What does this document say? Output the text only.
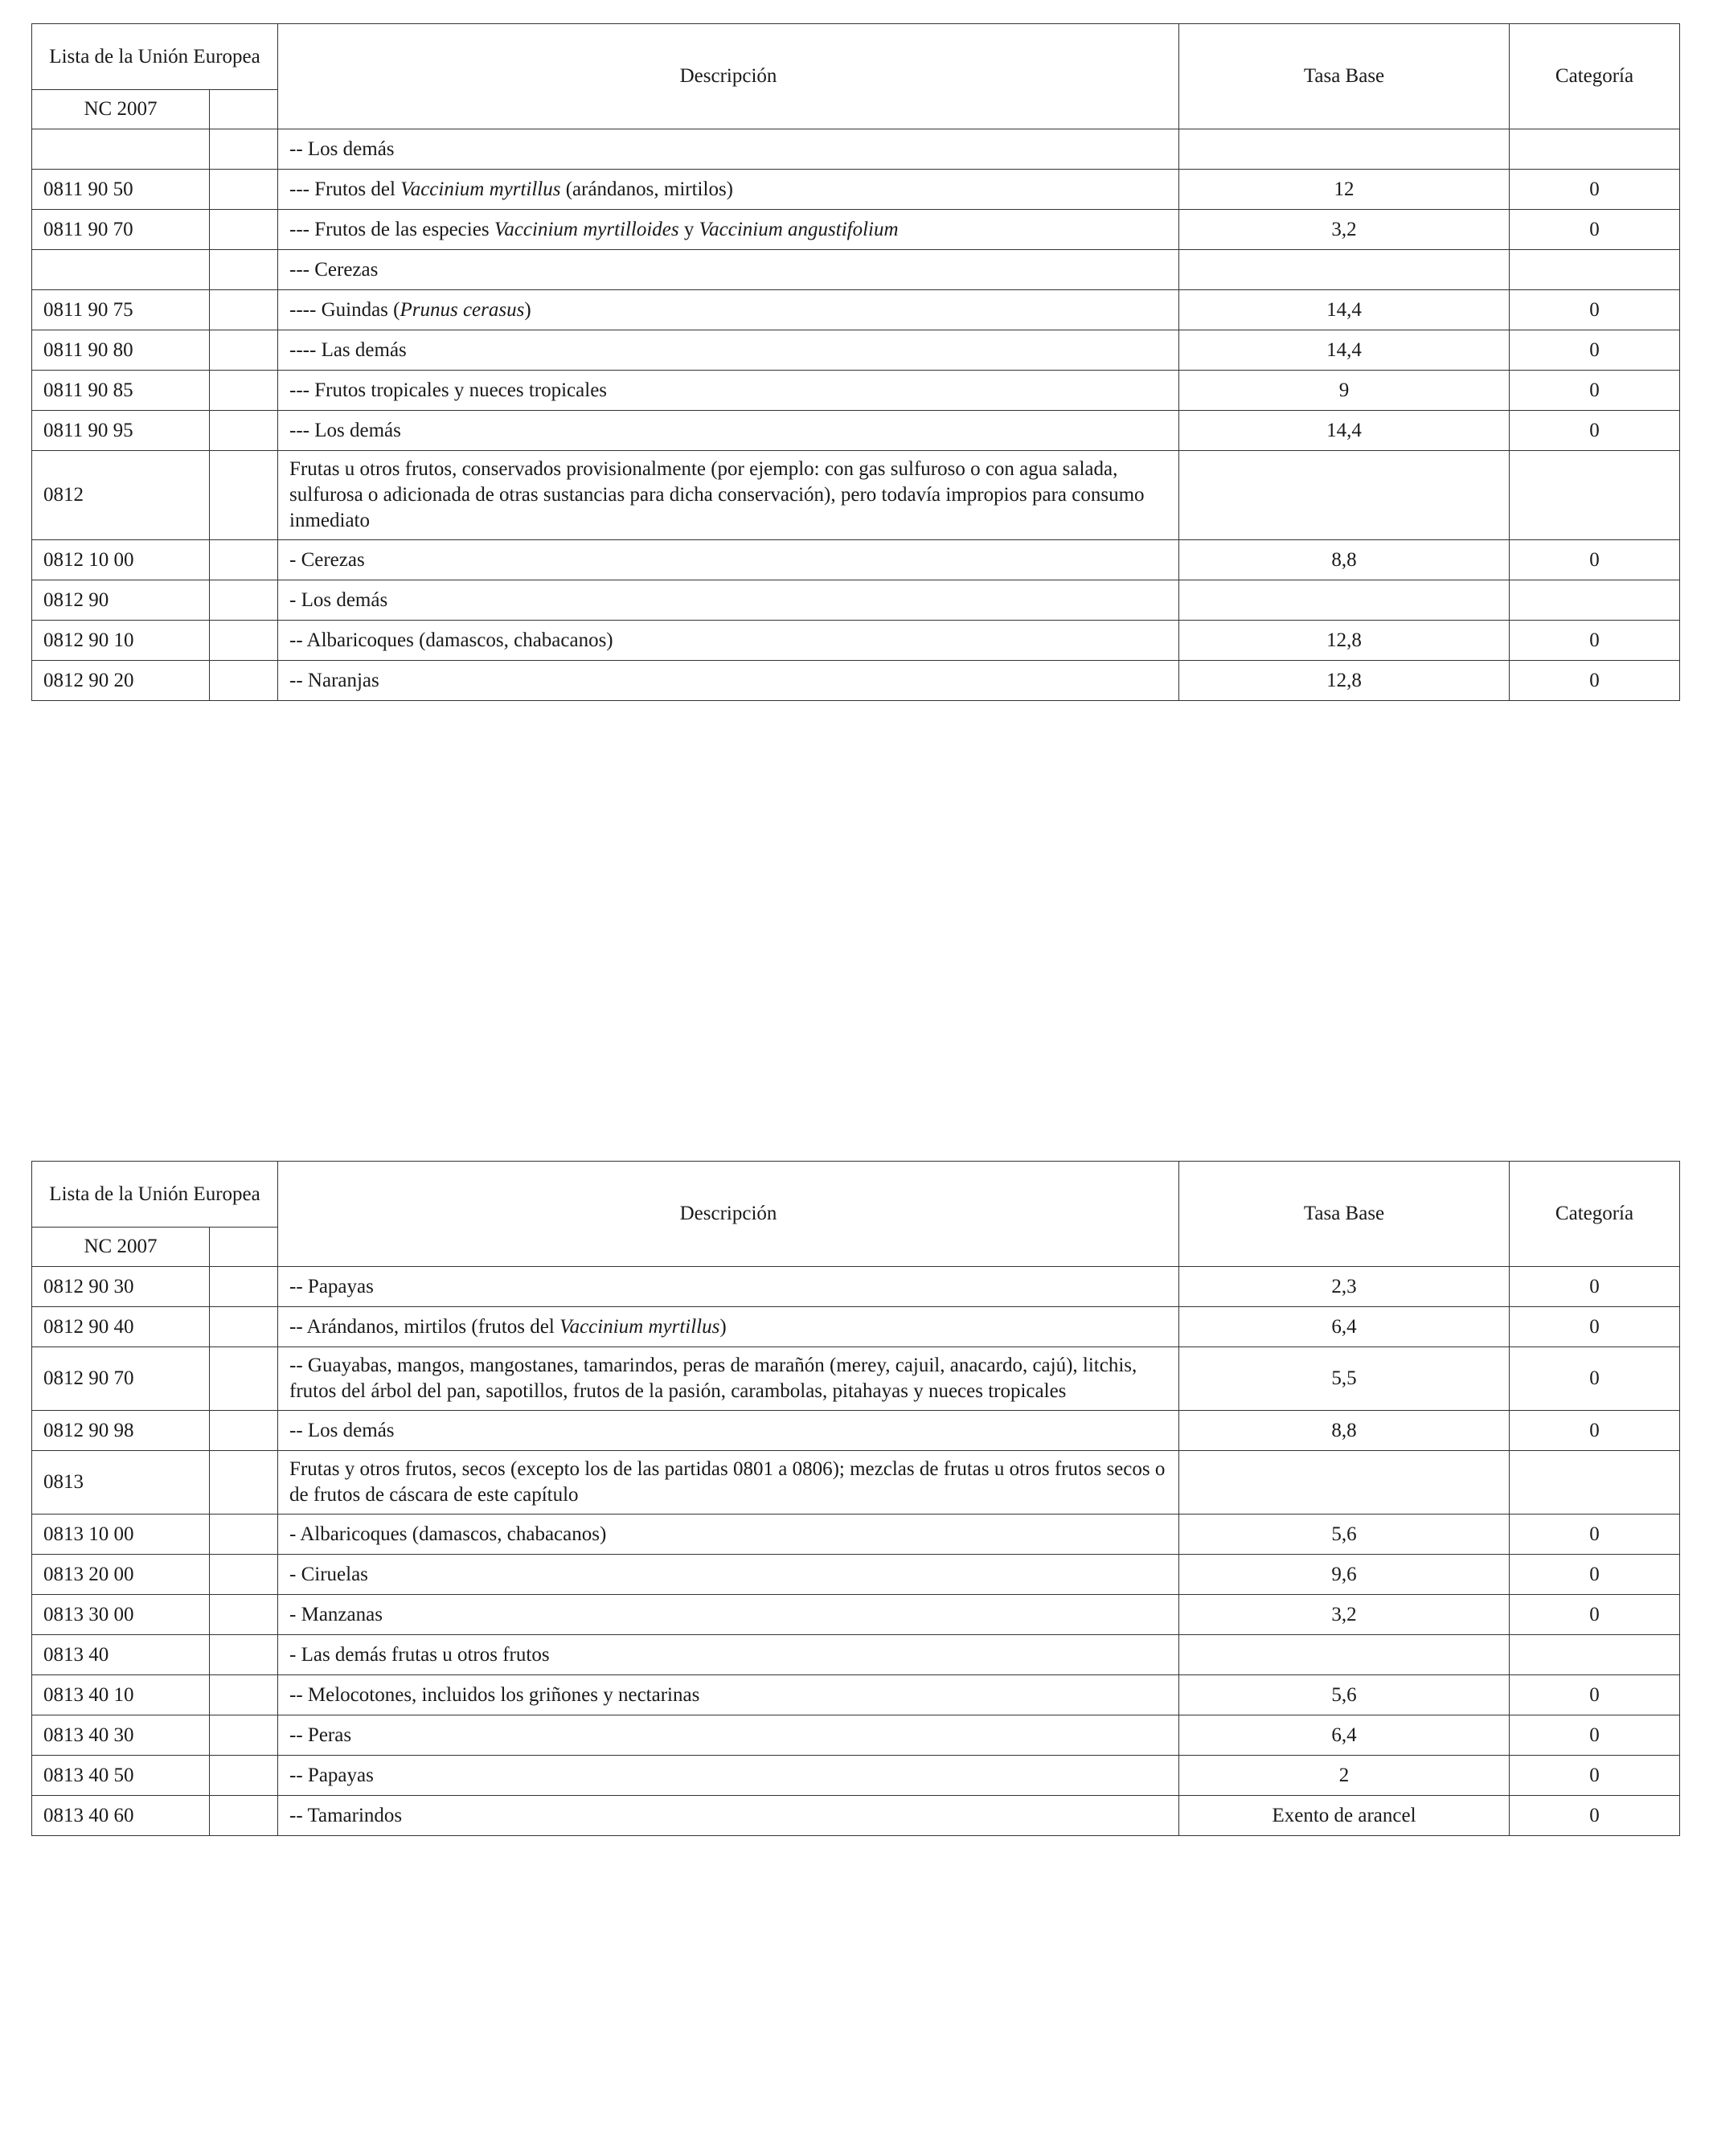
Lista de la Unión Europea		Descripción	Tasa Base	Categoría
NC 2007				
		-- Los demás		
0811 90 50		--- Frutos del Vaccinium myrtillus (arándanos, mirtilos)	12	0
0811 90 70		--- Frutos de las especies Vaccinium myrtilloides y Vaccinium angustifolium	3,2	0
		--- Cerezas		
0811 90 75		---- Guindas (Prunus cerasus)	14,4	0
0811 90 80		---- Las demás	14,4	0
0811 90 85		--- Frutos tropicales y nueces tropicales	9	0
0811 90 95		--- Los demás	14,4	0
0812		Frutas u otros frutos, conservados provisionalmente (por ejemplo: con gas sulfuroso o con agua salada, sulfurosa o adicionada de otras sustancias para dicha conservación), pero todavía impropios para consumo inmediato		
0812 10 00		- Cerezas	8,8	0
0812 90		- Los demás		
0812 90 10		-- Albaricoques (damascos, chabacanos)	12,8	0
0812 90 20		-- Naranjas	12,8	0
Lista de la Unión Europea		Descripción	Tasa Base	Categoría
NC 2007				
0812 90 30		-- Papayas	2,3	0
0812 90 40		-- Arándanos, mirtilos (frutos del Vaccinium myrtillus)	6,4	0
0812 90 70		-- Guayabas, mangos, mangostanes, tamarindos, peras de marañón (merey, cajuil, anacardo, cajú), litchis, frutos del árbol del pan, sapotillos, frutos de la pasión, carambolas, pitahayas y nueces tropicales	5,5	0
0812 90 98		-- Los demás	8,8	0
0813		Frutas y otros frutos, secos (excepto los de las partidas 0801 a 0806); mezclas de frutas u otros frutos secos o de frutos de cáscara de este capítulo		
0813 10 00		- Albaricoques (damascos, chabacanos)	5,6	0
0813 20 00		- Ciruelas	9,6	0
0813 30 00		- Manzanas	3,2	0
0813 40		- Las demás frutas u otros frutos		
0813 40 10		-- Melocotones, incluidos los griñones y nectarinas	5,6	0
0813 40 30		-- Peras	6,4	0
0813 40 50		-- Papayas	2	0
0813 40 60		-- Tamarindos	Exento de arancel	0
